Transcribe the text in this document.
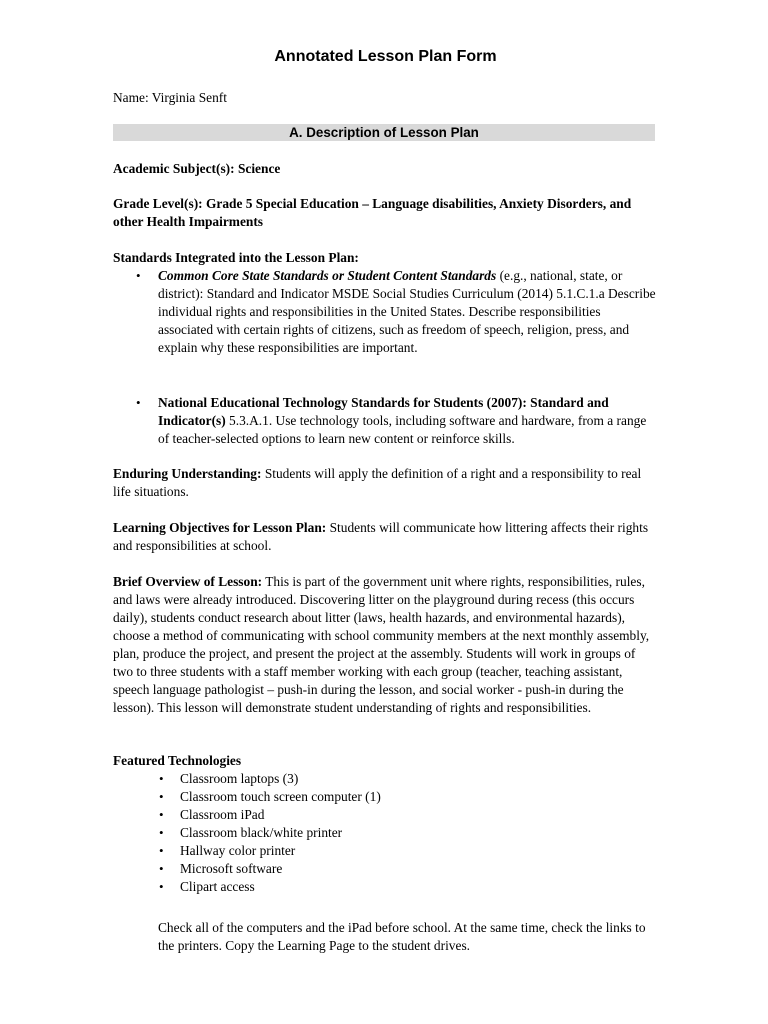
Annotated Lesson Plan Form
Name: Virginia Senft
A. Description of Lesson Plan
Academic Subject(s): Science
Grade Level(s): Grade 5 Special Education – Language disabilities, Anxiety Disorders, and other Health Impairments
Standards Integrated into the Lesson Plan:
• Common Core State Standards or Student Content Standards (e.g., national, state, or district): Standard and Indicator MSDE Social Studies Curriculum (2014) 5.1.C.1.a Describe individual rights and responsibilities in the United States. Describe responsibilities associated with certain rights of citizens, such as freedom of speech, religion, press, and explain why these responsibilities are important.
• National Educational Technology Standards for Students (2007): Standard and Indicator(s) 5.3.A.1. Use technology tools, including software and hardware, from a range of teacher-selected options to learn new content or reinforce skills.
Enduring Understanding: Students will apply the definition of a right and a responsibility to real life situations.
Learning Objectives for Lesson Plan: Students will communicate how littering affects their rights and responsibilities at school.
Brief Overview of Lesson: This is part of the government unit where rights, responsibilities, rules, and laws were already introduced. Discovering litter on the playground during recess (this occurs daily), students conduct research about litter (laws, health hazards, and environmental hazards), choose a method of communicating with school community members at the next monthly assembly, plan, produce the project, and present the project at the assembly. Students will work in groups of two to three students with a staff member working with each group (teacher, teaching assistant, speech language pathologist – push-in during the lesson, and social worker - push-in during the lesson). This lesson will demonstrate student understanding of rights and responsibilities.
Featured Technologies
• Classroom laptops (3)
• Classroom touch screen computer (1)
• Classroom iPad
• Classroom black/white printer
• Hallway color printer
• Microsoft software
• Clipart access
Check all of the computers and the iPad before school. At the same time, check the links to the printers. Copy the Learning Page to the student drives.
